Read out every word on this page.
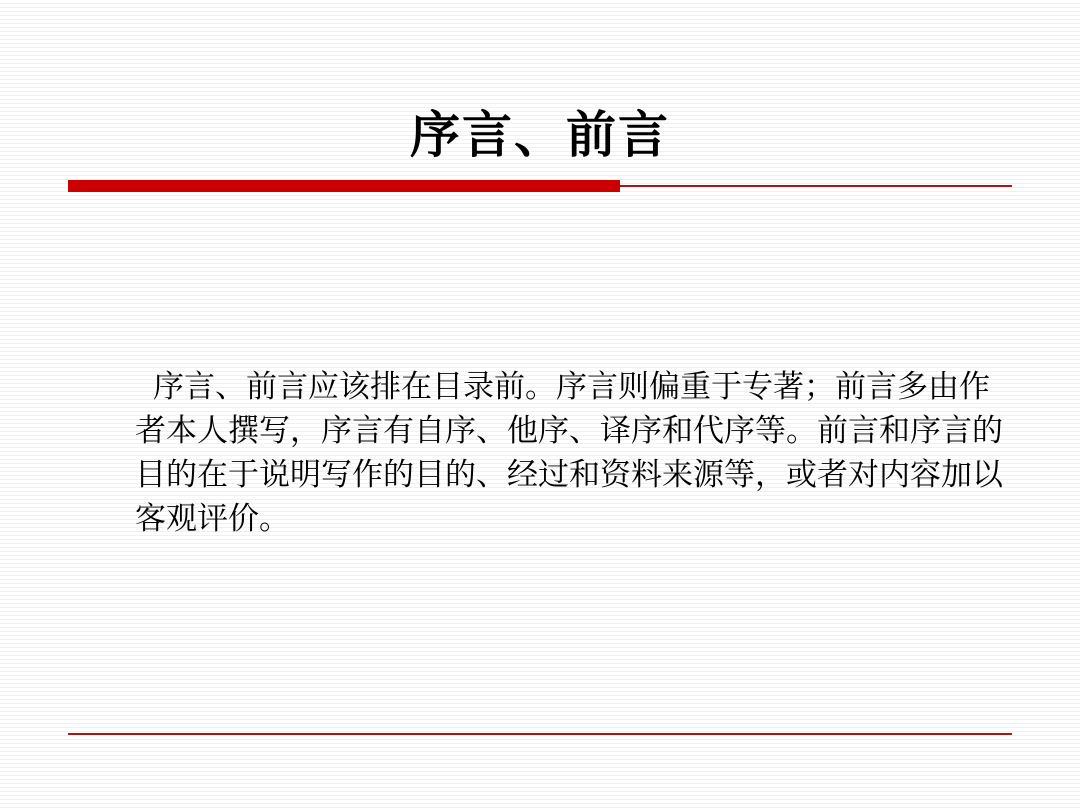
序言、前言

序言、前言应该排在目录前。序言则偏重于专著；前言多由作者本人撰写，序言有自序、他序、译序和代序等。前言和序言的目的在于说明写作的目的、经过和资料来源等，或者对内容加以客观评价。
